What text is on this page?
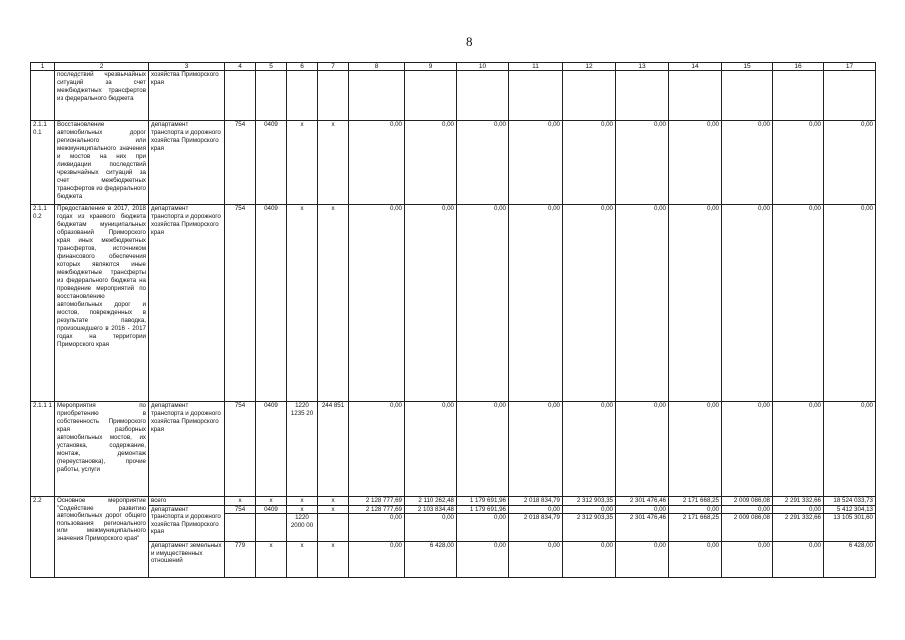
8
1	2	3	4	5	6	7	8	9	10	11	12	13	14	15	16	17
	последствий чрезвычайных ситуаций за счет межбюджетных трансфертов из федерального бюджета	хозяйства Приморского края														
2.1.1 0.1	Восстановление автомобильных дорог регионального или межмуниципального значения и мостов на них при ликвидации последствий чрезвычайных ситуаций за счет межбюджетных трансфертов из федерального бюджета	департамент транспорта и дорожного хозяйства Приморского края	754	0409	x	x	0,00	0,00	0,00	0,00	0,00	0,00	0,00	0,00	0,00	0,00
2.1.1 0.2	Предоставление в 2017, 2018 годах из краевого бюджета бюджетам муниципальных образований Приморского края иных межбюджетных трансфертов, источником финансового обеспечения которых являются иные межбюджетные трансферты из федерального бюджета на проведение мероприятий по восстановлению автомобильных дорог и мостов, поврежденных в результате паводка, произошедшего в 2016 - 2017 годах на территории Приморского края	департамент транспорта и дорожного хозяйства Приморского края	754	0409	x	x	0,00	0,00	0,00	0,00	0,00	0,00	0,00	0,00	0,00	0,00
2.1.1 1	Мероприятия по приобретению в собственность Приморского края разборных автомобильных мостов, их установка, содержание, монтаж, демонтаж (переустановка), прочие работы, услуги	департамент транспорта и дорожного хозяйства Приморского края	754	0409	1220 1235 20	244 851	0,00	0,00	0,00	0,00	0,00	0,00	0,00	0,00	0,00	0,00
2.2	Основное мероприятие "Содействие развитию автомобильных дорог общего пользования регионального или межмуниципального значения Приморского края"	всего	x	x	x	x	2 128 777,69	2 110 262,48	1 179 691,96	2 018 834,79	2 312 903,35	2 301 476,46	2 171 668,25	2 009 086,08	2 291 332,66	18 524 033,73
		департамент транспорта и дорожного хозяйства Приморского края	754	0409	x	x	2 128 777,69	2 103 834,48	1 179 691,96	0,00	0,00	0,00	0,00	0,00	0,00	5 412 304,13
					1220 2000 00		0,00	0,00	0,00	2 018 834,79	2 312 903,35	2 301 476,46	2 171 668,25	2 009 086,08	2 291 332,66	13 105 301,60
		департамент земельных и имущественных отношений	779	x	x	x	0,00	6 428,00	0,00	0,00	0,00	0,00	0,00	0,00	0,00	6 428,00
